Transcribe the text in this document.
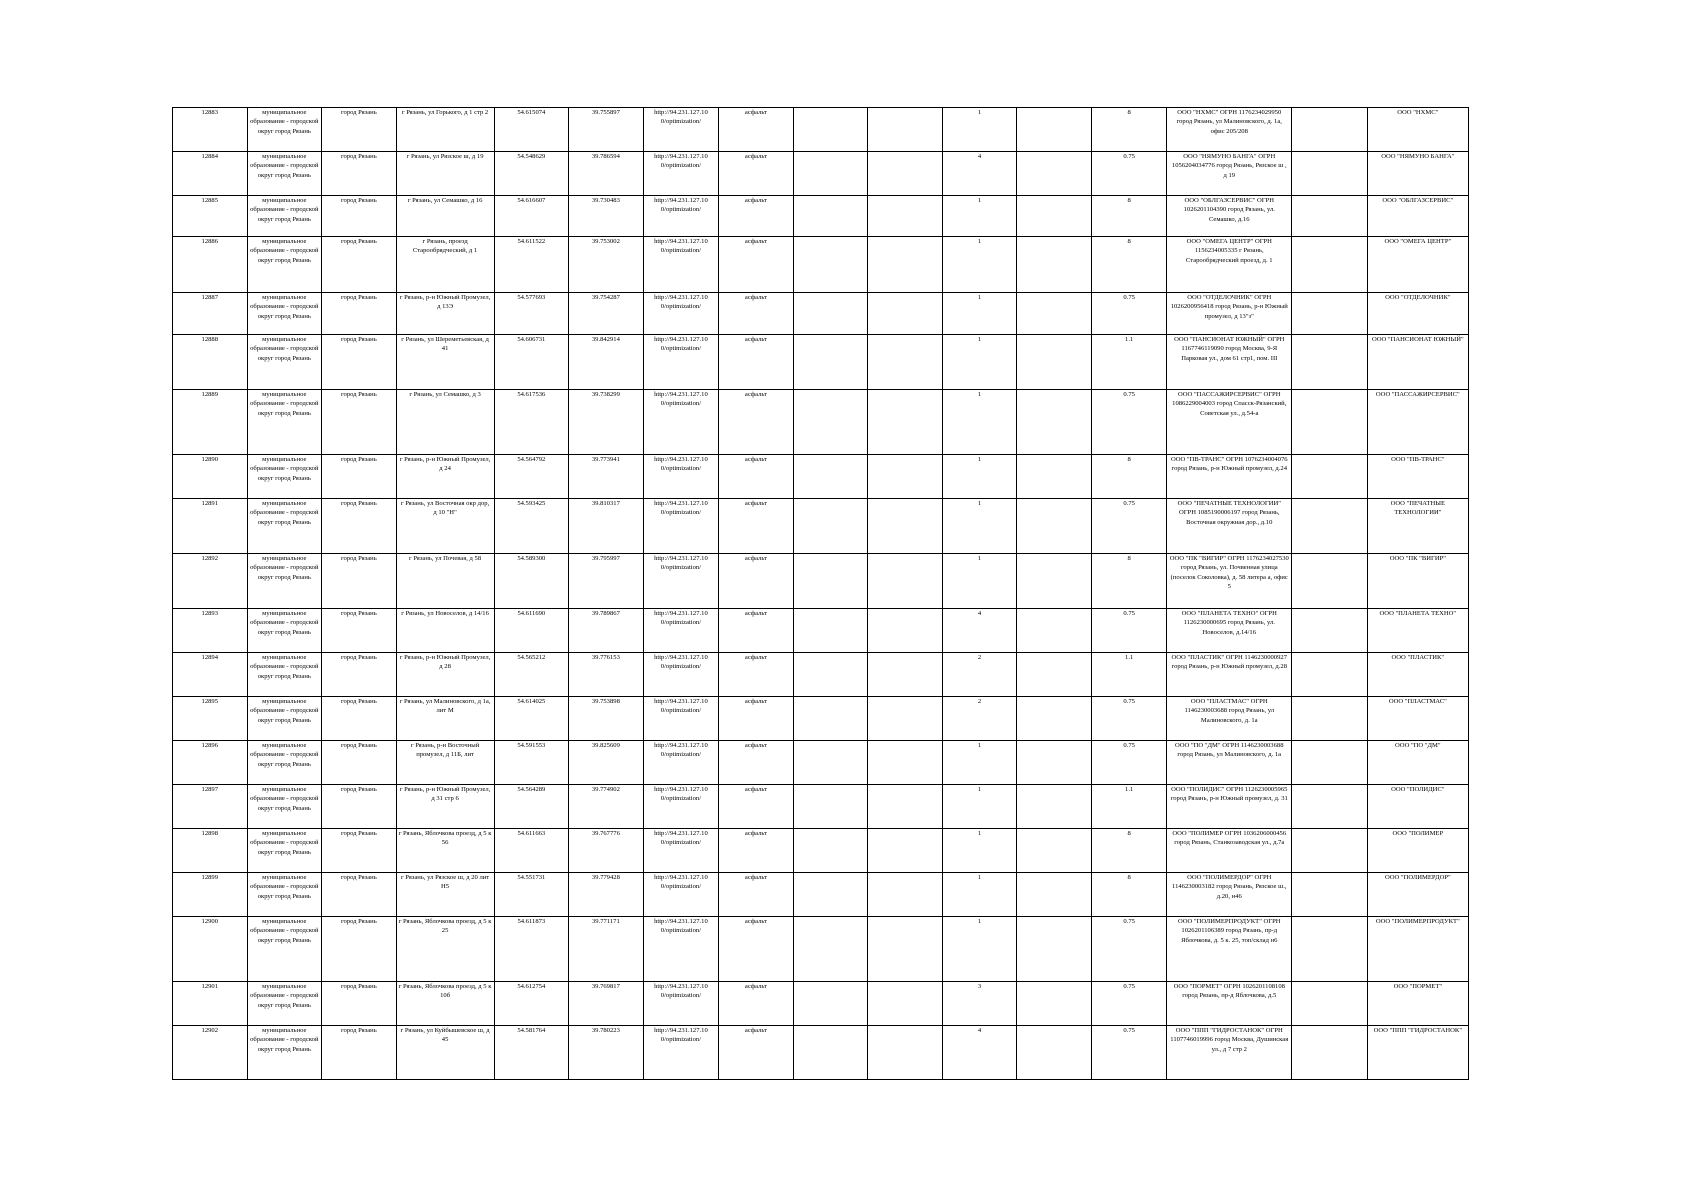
12883	муниципальное образование - городской округ город Рязань	город Рязань	г Рязань, ул Горького, д 1 стр 2	54.615074	39.755897	http://94.231.127.10 0/optimization/	асфальт			1		8	ООО "НХМС" ОГРН 1176234029950 город Рязань, ул Малиновского, д. 1а, офис 205/208		ООО "НХМС"
12884	муниципальное образование - городской округ город Рязань	город Рязань	г Рязань, ул Рязское ш, д 19	54.548629	39.786594	http://94.231.127.10 0/optimization/	асфальт			4		0.75	ООО "НЯМУНО БАНГА" ОГРН 1056204034776 город Рязань, Рязское ш , д 19		ООО "НЯМУНО БАНГА"
12885	муниципальное образование - городской округ город Рязань	город Рязань	г Рязань, ул Семашко, д 16	54.616607	39.730483	http://94.231.127.10 0/optimization/	асфальт			1		8	ООО "ОБЛГАЗСЕРВИС" ОГРН 1026201104390 город Рязань, ул. Семашко, д.16		ООО "ОБЛГАЗСЕРВИС"
12886	муниципальное образование - городской округ город Рязань	город Рязань	г Рязань, проезд Старообрядческий, д 1	54.611522	39.753002	http://94.231.127.10 0/optimization/	асфальт			1		8	ООО "ОМЕГА ЦЕНТР" ОГРН 1156234005335 г Рязань, Старообрядческий проезд, д. 1		ООО "ОМЕГА ЦЕНТР"
12887	муниципальное образование - городской округ город Рязань	город Рязань	г Рязань, р-н Южный Промузел, д 13Э	54.577693	39.754287	http://94.231.127.10 0/optimization/	асфальт			1		0.75	ООО "ОТДЕЛОЧНИК" ОГРН 1026200956418 город Рязань, р-н Южный промузел, д 13"з"		ООО "ОТДЕЛОЧНИК"
12888	муниципальное образование - городской округ город Рязань	город Рязань	г Рязань, ул Шереметьевская, д 41	54.606731	39.842914	http://94.231.127.10 0/optimization/	асфальт			1		1.1	ООО "ПАНСИОНАТ ЮЖНЫЙ" ОГРН 1167746119090 город Москва, 9-Я Парковая ул., дом 61 стр1, пом. III		ООО "ПАНСИОНАТ ЮЖНЫЙ"
12889	муниципальное образование - городской округ город Рязань	город Рязань	г Рязань, ул Семашко, д 3	54.617536	39.738299	http://94.231.127.10 0/optimization/	асфальт			1		0.75	ООО "ПАССАЖИРСЕРВИС" ОГРН 1086229004003 город Спасск-Рязанский, Советская ул., д.54-а		ООО "ПАССАЖИРСЕРВИС"
12890	муниципальное образование - городской округ город Рязань	город Рязань	г Рязань, р-н Южный Промузел, д 24	54.564792	39.773941	http://94.231.127.10 0/optimization/	асфальт			1		8	ООО "ПВ-ТРАНС" ОГРН 1076234004076 город Рязань, р-н Южный промузел, д.24		ООО "ПВ-ТРАНС"
12891	муниципальное образование - городской округ город Рязань	город Рязань	г Рязань, ул Восточная окр дор, д 10 "Н"	54.593425	39.810317	http://94.231.127.10 0/optimization/	асфальт			1		0.75	ООО "ПЕЧАТНЫЕ ТЕХНОЛОГИИ" ОГРН 1085190006197 город Рязань, Восточная окружная дор., д.10		ООО "ПЕЧАТНЫЕ ТЕХНОЛОГИИ"
12892	муниципальное образование - городской округ город Рязань	город Рязань	г Рязань, ул Почевая, д 58	54.589300	39.795997	http://94.231.127.10 0/optimization/	асфальт			1		8	ООО "ПК "ВИГИР" ОГРН 1176234027530 город Рязань, ул. Почвенная улица (поселок Соколовка), д. 58 литера а, офис 5		ООО "ПК "ВИГИР"
12893	муниципальное образование - городской округ город Рязань	город Рязань	г Рязань, ул Новоселов, д 14/16	54.611690	39.789867	http://94.231.127.10 0/optimization/	асфальт			4		0.75	ООО "ПЛАНЕТА ТЕХНО" ОГРН 1126230000695 город Рязань, ул. Новоселов, д.14/16		ООО "ПЛАНЕТА ТЕХНО"
12894	муниципальное образование - городской округ город Рязань	город Рязань	г Рязань, р-н Южный Промузел, д 28	54.565212	39.776153	http://94.231.127.10 0/optimization/	асфальт			2		1.1	ООО "ПЛАСТИК" ОГРН 1146230000927 город Рязань, р-н Южный промузел, д.28		ООО "ПЛАСТИК"
12895	муниципальное образование - городской округ город Рязань	город Рязань	г Рязань, ул Малиновского, д 1а, лит М	54.614025	39.753898	http://94.231.127.10 0/optimization/	асфальт			2		0.75	ООО "ПЛАСТМАС" ОГРН 1146230003688 город Рязань, ул Малиновского, д. 1а		ООО "ПЛАСТМАС"
12896	муниципальное образование - городской округ город Рязань	город Рязань	г Рязань, р-н Восточный промузел, д 11Б, лит	54.591553	39.825609	http://94.231.127.10 0/optimization/	асфальт			1		0.75	ООО "ПО "ДМ" ОГРН 1146230003688 город Рязань, ул Малиновского, д. 1а		ООО "ПО "ДМ"
12897	муниципальное образование - городской округ город Рязань	город Рязань	г Рязань, р-н Южный Промузел, д 31 стр 6	54.564289	39.774902	http://94.231.127.10 0/optimization/	асфальт			1		1.1	ООО "ПОЛИДИС" ОГРН 1126230005965 город Рязань, р-н Южный промузел, д. 31		ООО "ПОЛИДИС"
12898	муниципальное образование - городской округ город Рязань	город Рязань	г Рязань, Яблочкова проезд, д 5 к 56	54.611663	39.767776	http://94.231.127.10 0/optimization/	асфальт			1		8	ООО "ПОЛИМЕР ОГРН 1036206000456 город Рязань, Станкозаводская ул., д.7а		ООО "ПОЛИМЕР
12899	муниципальное образование - городской округ город Рязань	город Рязань	г Рязань, ул Рязское ш, д 20 лит Н5	54.551731	39.779428	http://94.231.127.10 0/optimization/	асфальт			1		8	ООО "ПОЛИМЕРДОР" ОГРН 1146230003182 город Рязань, Рязское ш., д.20, н46		ООО "ПОЛИМЕРДОР"
12900	муниципальное образование - городской округ город Рязань	город Рязань	г Рязань, Яблочкова проезд, д 5 к 25	54.611873	39.771171	http://94.231.127.10 0/optimization/	асфальт			1		0.75	ООО "ПОЛИМЕРПРОДУКТ" ОГРН 1026201106389 город Рязань, пр-д Яблочкова, д. 5 к. 25, топ/склад н6		ООО "ПОЛИМЕРПРОДУКТ"
12901	муниципальное образование - городской округ город Рязань	город Рязань	г Рязань, Яблочкова проезд, д 5 к 10б	54.612754	39.769817	http://94.231.127.10 0/optimization/	асфальт			3		0.75	ООО "ПОРМЕТ" ОГРН 1026201108108 город Рязань, пр-д Яблочкова, д.5		ООО "ПОРМЕТ"
12902	муниципальное образование - городской округ город Рязань	город Рязань	г Рязань, ул Куйбышевское ш, д 45	54.581764	39.780223	http://94.231.127.10 0/optimization/	асфальт			4		0.75	ООО "ППП "ГИДРОСТАНОК" ОГРН 1107746019996 город Москва, Душинская ул., д 7 стр 2		ООО "ППП "ГИДРОСТАНОК"
